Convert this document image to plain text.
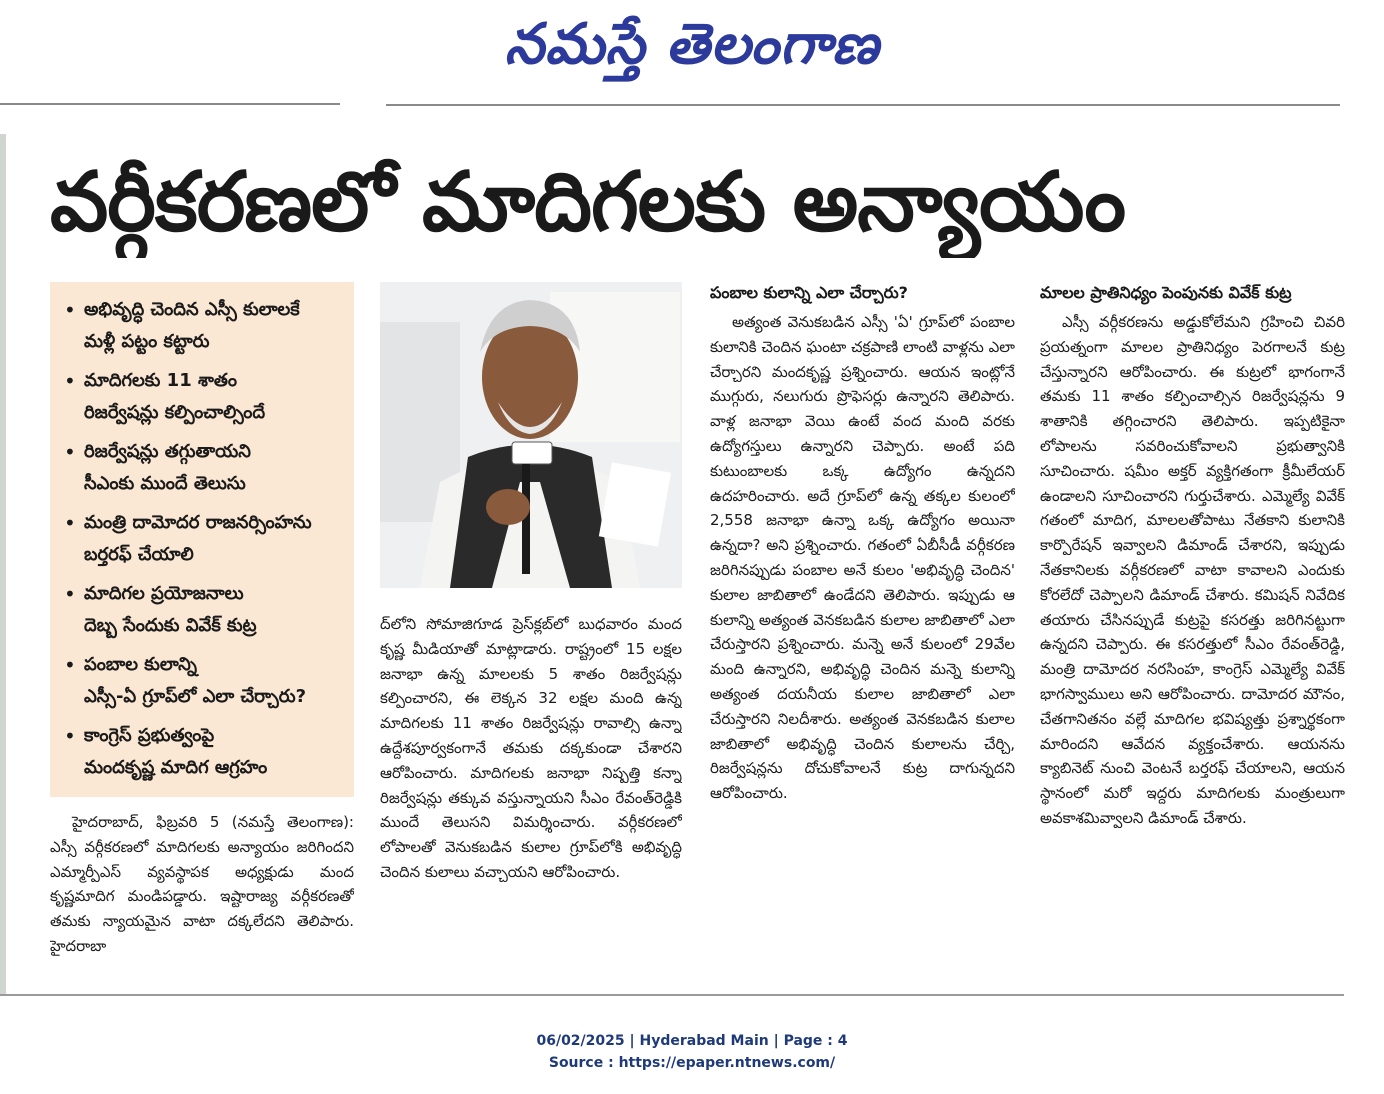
నమస్తే తెలంగాణ
వర్గీకరణలో మాదిగలకు అన్యాయం
• అభివృద్ధి చెందిన ఎస్సీ కులాలకే
మళ్లీ పట్టం కట్టారు
• మాదిగలకు 11 శాతం
రిజర్వేషన్లు కల్పించాల్సిందే
• రిజర్వేషన్లు తగ్గుతాయని
సీఎంకు ముందే తెలుసు
• మంత్రి దామోదర రాజనర్సింహను
బర్తరఫ్ చేయాలి
• మాదిగల ప్రయోజనాలు
దెబ్బ సేందుకు వివేక్ కుట్ర
• పంబాల కులాన్ని
ఎస్సీ-ఏ గ్రూప్‌లో ఎలా చేర్చారు?
• కాంగ్రెస్ ప్రభుత్వంపై
మందకృష్ణ మాదిగ ఆగ్రహం

హైదరాబాద్, ఫిబ్రవరి 5 (నమస్తే తెలంగాణ): ఎస్సీ వర్గీకరణలో మాదిగలకు అన్యాయం జరిగిందని ఎమ్మార్పీఎస్ వ్యవస్థాపక అధ్యక్షుడు మంద కృష్ణమాదిగ మండిపడ్డారు. ఇష్టారాజ్య వర్గీకరణతో తమకు న్యాయమైన వాటా దక్కలేదని తెలిపారు. హైదరాబా

ద్‌లోని సోమాజిగూడ ప్రెస్‌క్లబ్‌లో బుధవారం మంద కృష్ణ మీడియాతో మాట్లాడారు. రాష్ట్రంలో 15 లక్షల జనాభా ఉన్న మాలలకు 5 శాతం రిజర్వేషన్లు కల్పించారని, ఈ లెక్కన 32 లక్షల మంది ఉన్న మాదిగలకు 11 శాతం రిజర్వేషన్లు రావాల్సి ఉన్నా ఉద్దేశపూర్వకంగానే తమకు దక్కకుండా చేశారని ఆరోపించారు. మాదిగలకు జనాభా నిష్పత్తి కన్నా రిజర్వేషన్లు తక్కువ వస్తున్నాయని సీఎం రేవంత్‌రెడ్డికి ముందే తెలుసని విమర్శించారు. వర్గీకరణలో లోపాలతో వెనుకబడిన కులాల గ్రూప్‌లోకి అభివృద్ధి చెందిన కులాలు వచ్చాయని ఆరోపించారు.

పంబాల కులాన్ని ఎలా చేర్చారు?

అత్యంత వెనుకబడిన ఎస్సీ 'ఏ' గ్రూప్‌లో పంబాల కులానికి చెందిన ఘంటా చక్రపాణి లాంటి వాళ్లను ఎలా చేర్చారని మందకృష్ణ ప్రశ్నించారు. ఆయన ఇంట్లోనే ముగ్గురు, నలుగురు ప్రొఫెసర్లు ఉన్నారని తెలిపారు. వాళ్ల జనాభా వెయి ఉంటే వంద మంది వరకు ఉద్యోగస్తులు ఉన్నారని చెప్పారు. అంటే పది కుటుంబాలకు ఒక్క ఉద్యోగం ఉన్నదని ఉదహరించారు. అదే గ్రూప్‌లో ఉన్న తక్కల కులంలో 2,558 జనాభా ఉన్నా ఒక్క ఉద్యోగం అయినా ఉన్నదా? అని ప్రశ్నించారు. గతంలో ఏబీసీడీ వర్గీకరణ జరిగినప్పుడు పంబాల అనే కులం 'అభివృద్ధి చెందిన' కులాల జాబితాలో ఉండేదని తెలిపారు. ఇప్పుడు ఆ కులాన్ని అత్యంత వెనకబడిన కులాల జాబితాలో ఎలా చేరుస్తారని ప్రశ్నించారు. మన్నె అనే కులంలో 29వేల మంది ఉన్నారని, అభివృద్ధి చెందిన మన్నె కులాన్ని అత్యంత దయనీయ కులాల జాబితాలో ఎలా చేరుస్తారని నిలదీశారు. అత్యంత వెనకబడిన కులాల జాబితాలో అభివృద్ధి చెందిన కులాలను చేర్చి, రిజర్వేషన్లను దోచుకోవాలనే కుట్ర దాగున్నదని ఆరోపించారు.

మాలల ప్రాతినిధ్యం పెంపునకు వివేక్ కుట్ర

ఎస్సీ వర్గీకరణను అడ్డుకోలేమని గ్రహించి చివరి ప్రయత్నంగా మాలల ప్రాతినిధ్యం పెరగాలనే కుట్ర చేస్తున్నారని ఆరోపించారు. ఈ కుట్రలో భాగంగానే తమకు 11 శాతం కల్పించాల్సిన రిజర్వేషన్లను 9 శాతానికి తగ్గించారని తెలిపారు. ఇప్పటికైనా లోపాలను సవరించుకోవాలని ప్రభుత్వానికి సూచించారు. షమీం అక్తర్ వ్యక్తిగతంగా క్రీమీలేయర్ ఉండాలని సూచించారని గుర్తుచేశారు. ఎమ్మెల్యే వివేక్ గతంలో మాదిగ, మాలలతోపాటు నేతకాని కులానికి కార్పొరేషన్ ఇవ్వాలని డిమాండ్ చేశారని, ఇప్పుడు నేతకానిలకు వర్గీకరణలో వాటా కావాలని ఎందుకు కోరలేదో చెప్పాలని డిమాండ్ చేశారు. కమిషన్ నివేదిక తయారు చేసినప్పుడే కుట్రపై కసరత్తు జరిగినట్టుగా ఉన్నదని చెప్పారు. ఈ కసరత్తులో సీఎం రేవంత్‌రెడ్డి, మంత్రి దామోదర నరసింహ, కాంగ్రెస్ ఎమ్మెల్యే వివేక్ భాగస్వాములు అని ఆరోపించారు. దామోదర మౌనం, చేతగానితనం వల్లే మాదిగల భవిష్యత్తు ప్రశ్నార్థకంగా మారిందని ఆవేదన వ్యక్తంచేశారు. ఆయనను క్యాబినెట్ నుంచి వెంటనే బర్తరఫ్ చేయాలని, ఆయన స్థానంలో మరో ఇద్దరు మాదిగలకు మంత్రులుగా అవకాశమివ్వాలని డిమాండ్ చేశారు.

06/02/2025 | Hyderabad Main | Page : 4
Source : https://epaper.ntnews.com/
